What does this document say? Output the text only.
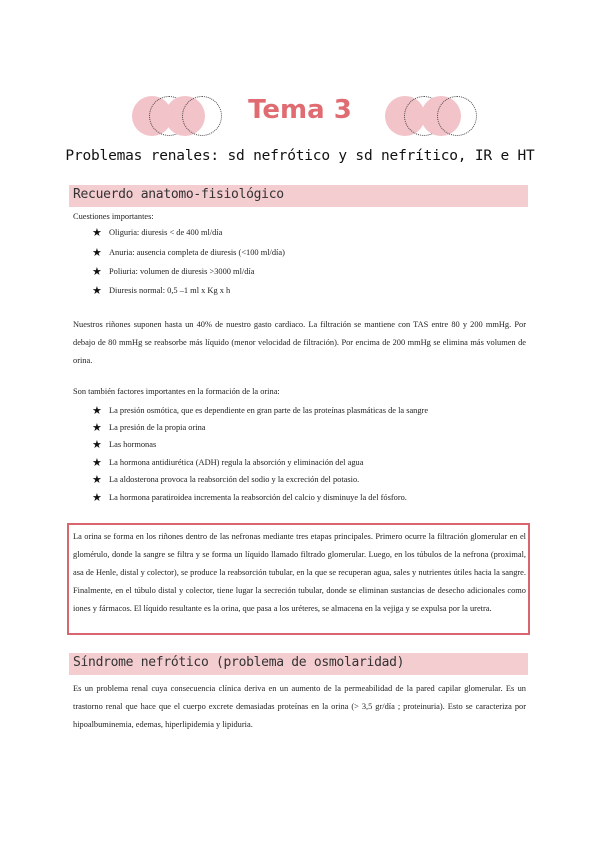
Tema 3
Problemas renales: sd nefrótico y sd nefrítico, IR e HT
Recuerdo anatomo-fisiológico
Cuestiones importantes:
★ Oliguria: diuresis < de 400 ml/día
★ Anuria: ausencia completa de diuresis (<100 ml/día)
★ Poliuria: volumen de diuresis >3000 ml/día
★ Diuresis normal: 0,5 –1 ml x Kg x h
Nuestros riñones suponen hasta un 40% de nuestro gasto cardiaco. La filtración se mantiene con TAS entre 80 y 200 mmHg. Por debajo de 80 mmHg se reabsorbe más líquido (menor velocidad de filtración). Por encima de 200 mmHg se elimina más volumen de orina.
Son también factores importantes en la formación de la orina:
★ La presión osmótica, que es dependiente en gran parte de las proteínas plasmáticas de la sangre
★ La presión de la propia orina
★ Las hormonas
★ La hormona antidiurética (ADH) regula la absorción y eliminación del agua
★ La aldosterona provoca la reabsorción del sodio y la excreción del potasio.
★ La hormona paratiroidea incrementa la reabsorción del calcio y disminuye la del fósforo.
La orina se forma en los riñones dentro de las nefronas mediante tres etapas principales. Primero ocurre la filtración glomerular en el glomérulo, donde la sangre se filtra y se forma un líquido llamado filtrado glomerular. Luego, en los túbulos de la nefrona (proximal, asa de Henle, distal y colector), se produce la reabsorción tubular, en la que se recuperan agua, sales y nutrientes útiles hacia la sangre. Finalmente, en el túbulo distal y colector, tiene lugar la secreción tubular, donde se eliminan sustancias de desecho adicionales como iones y fármacos. El líquido resultante es la orina, que pasa a los uréteres, se almacena en la vejiga y se expulsa por la uretra.
Síndrome nefrótico (problema de osmolaridad)
Es un problema renal cuya consecuencia clínica deriva en un aumento de la permeabilidad de la pared capilar glomerular. Es un trastorno renal que hace que el cuerpo excrete demasiadas proteínas en la orina (> 3,5 gr/día ; proteinuria). Esto se caracteriza por hipoalbuminemia, edemas, hiperlipidemia y lipiduria.
